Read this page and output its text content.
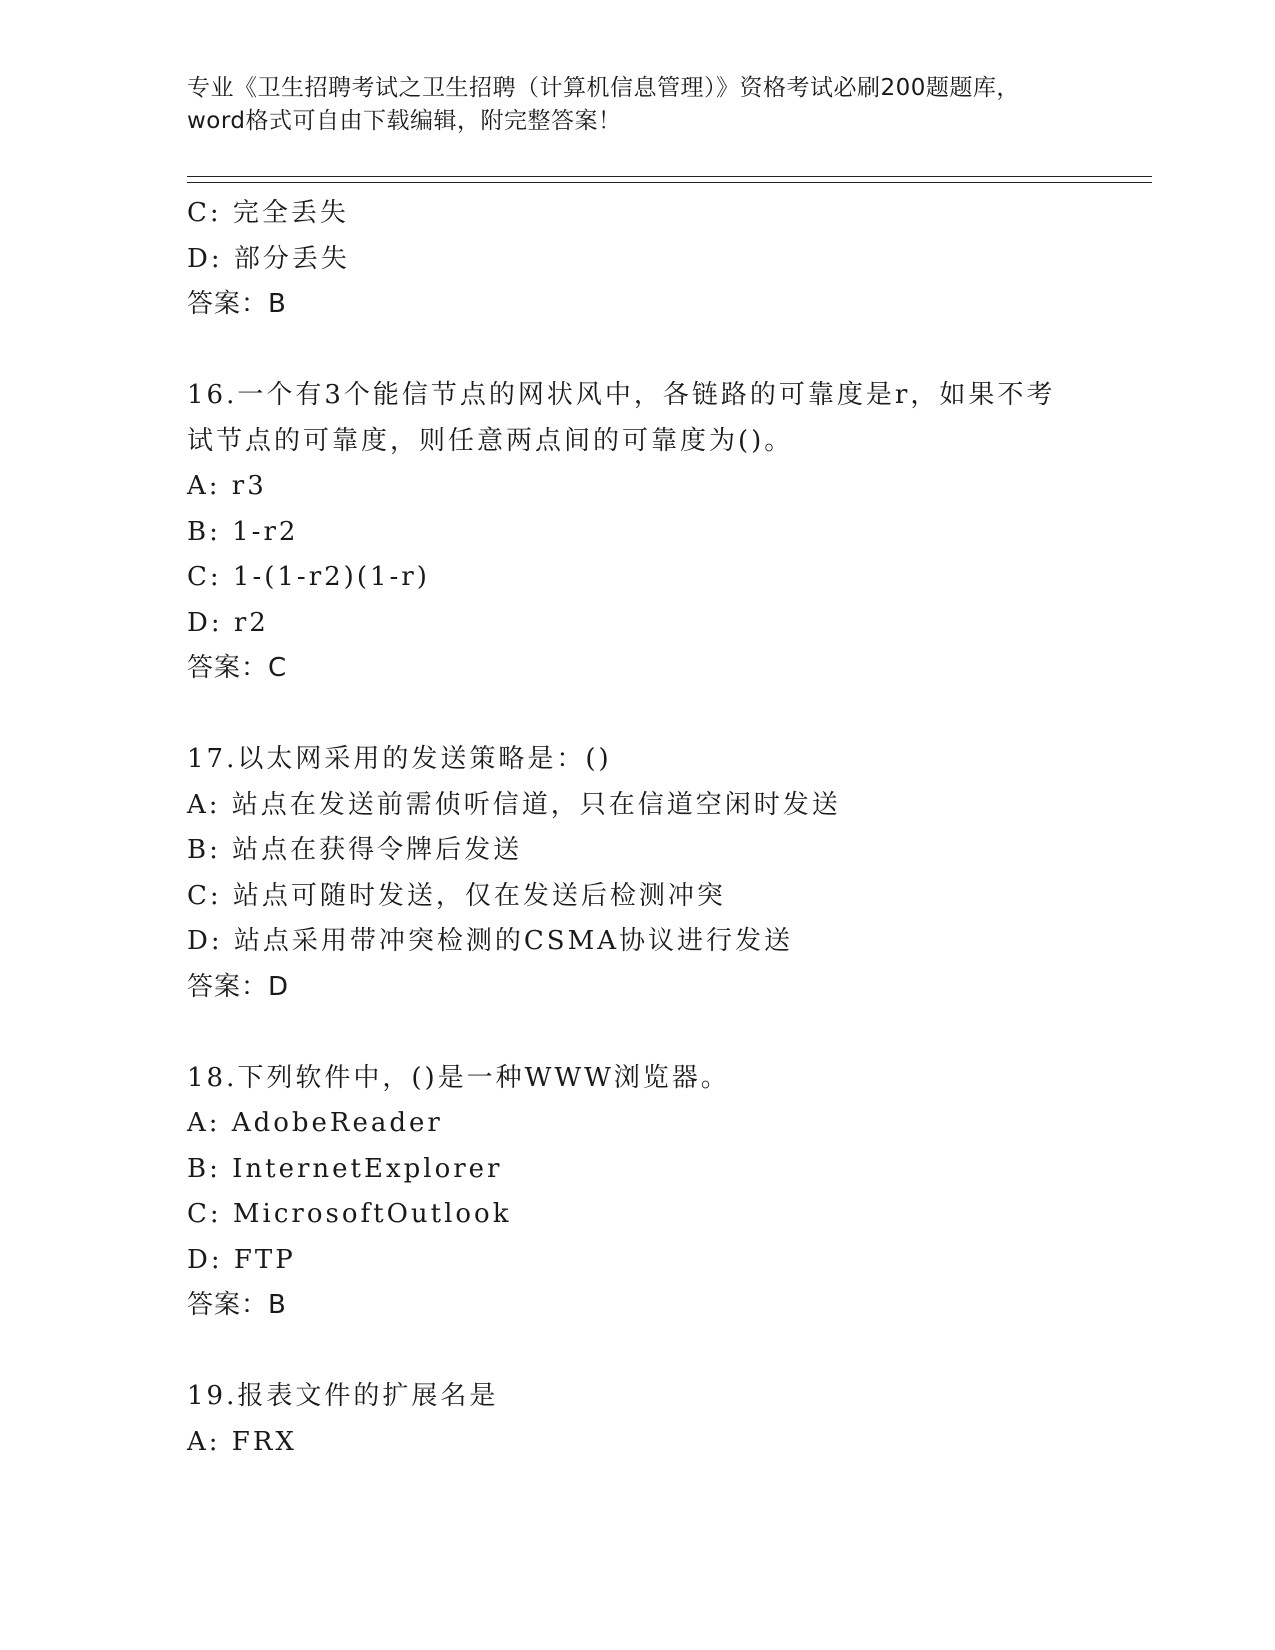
专业《卫生招聘考试之卫生招聘（计算机信息管理）》资格考试必刷200题题库，
word格式可自由下载编辑，附完整答案！
C: 完全丢失
D: 部分丢失
答案：B
16.一个有3个能信节点的网状风中，各链路的可靠度是r，如果不考
试节点的可靠度，则任意两点间的可靠度为()。
A: r3
B: 1-r2
C: 1-(1-r2)(1-r)
D: r2
答案：C
17.以太网采用的发送策略是：()
A: 站点在发送前需侦听信道，只在信道空闲时发送
B: 站点在获得令牌后发送
C: 站点可随时发送，仅在发送后检测冲突
D: 站点采用带冲突检测的CSMA协议进行发送
答案：D
18.下列软件中，()是一种WWW浏览器。
A: AdobeReader
B: InternetExplorer
C: MicrosoftOutlook
D: FTP
答案：B
19.报表文件的扩展名是
A: FRX
